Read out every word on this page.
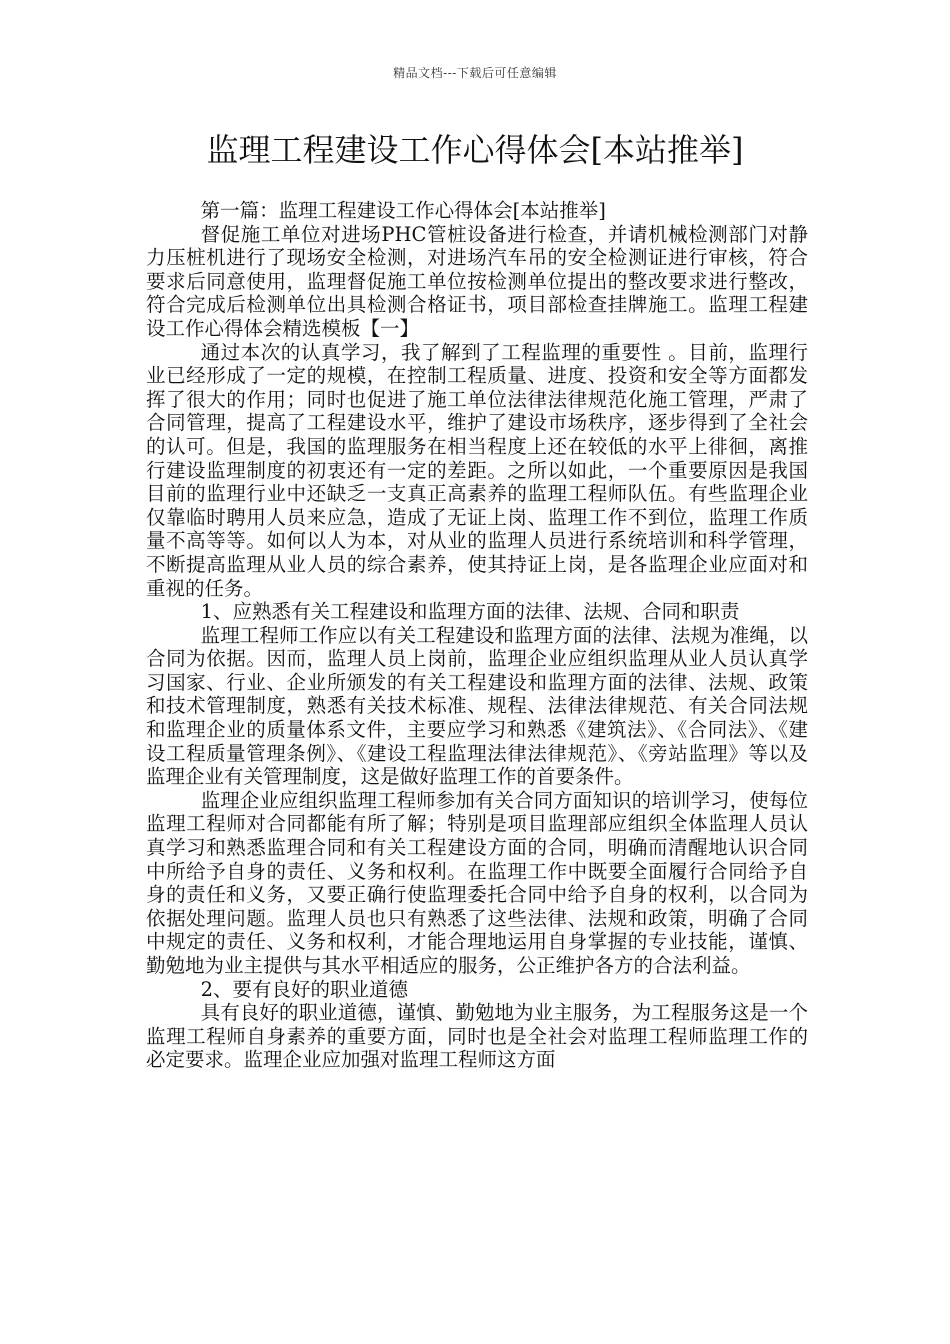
精品文档---下载后可任意编辑
监理工程建设工作心得体会[本站推举]

第一篇：监理工程建设工作心得体会[本站推举]

督促施工单位对进场PHC管桩设备进行检查，并请机械检测部门对静力压桩机进行了现场安全检测，对进场汽车吊的安全检测证进行审核，符合要求后同意使用，监理督促施工单位按检测单位提出的整改要求进行整改，符合完成后检测单位出具检测合格证书，项目部检查挂牌施工。监理工程建设工作心得体会精选模板【一】

通过本次的认真学习，我了解到了工程监理的重要性 。目前，监理行业已经形成了一定的规模，在控制工程质量、进度、投资和安全等方面都发挥了很大的作用；同时也促进了施工单位法律法律规范化施工管理，严肃了合同管理，提高了工程建设水平，维护了建设市场秩序，逐步得到了全社会的认可。但是，我国的监理服务在相当程度上还在较低的水平上徘徊，离推行建设监理制度的初衷还有一定的差距。之所以如此，一个重要原因是我国目前的监理行业中还缺乏一支真正高素养的监理工程师队伍。有些监理企业仅靠临时聘用人员来应急，造成了无证上岗、监理工作不到位，监理工作质量不高等等。如何以人为本，对从业的监理人员进行系统培训和科学管理，不断提高监理从业人员的综合素养，使其持证上岗，是各监理企业应面对和重视的任务。

1、应熟悉有关工程建设和监理方面的法律、法规、合同和职责

监理工程师工作应以有关工程建设和监理方面的法律、法规为准绳，以合同为依据。因而，监理人员上岗前，监理企业应组织监理从业人员认真学习国家、行业、企业所颁发的有关工程建设和监理方面的法律、法规、政策和技术管理制度，熟悉有关技术标准、规程、法律法律规范、有关合同法规和监理企业的质量体系文件，主要应学习和熟悉《建筑法》、《合同法》、《建设工程质量管理条例》、《建设工程监理法律法律规范》、《旁站监理》等以及监理企业有关管理制度，这是做好监理工作的首要条件。

监理企业应组织监理工程师参加有关合同方面知识的培训学习，使每位监理工程师对合同都能有所了解；特别是项目监理部应组织全体监理人员认真学习和熟悉监理合同和有关工程建设方面的合同，明确而清醒地认识合同中所给予自身的责任、义务和权利。在监理工作中既要全面履行合同给予自身的责任和义务，又要正确行使监理委托合同中给予自身的权利，以合同为依据处理问题。监理人员也只有熟悉了这些法律、法规和政策，明确了合同中规定的责任、义务和权利，才能合理地运用自身掌握的专业技能，谨慎、勤勉地为业主提供与其水平相适应的服务，公正维护各方的合法利益。

2、要有良好的职业道德

具有良好的职业道德，谨慎、勤勉地为业主服务，为工程服务这是一个监理工程师自身素养的重要方面，同时也是全社会对监理工程师监理工作的必定要求。监理企业应加强对监理工程师这方面
